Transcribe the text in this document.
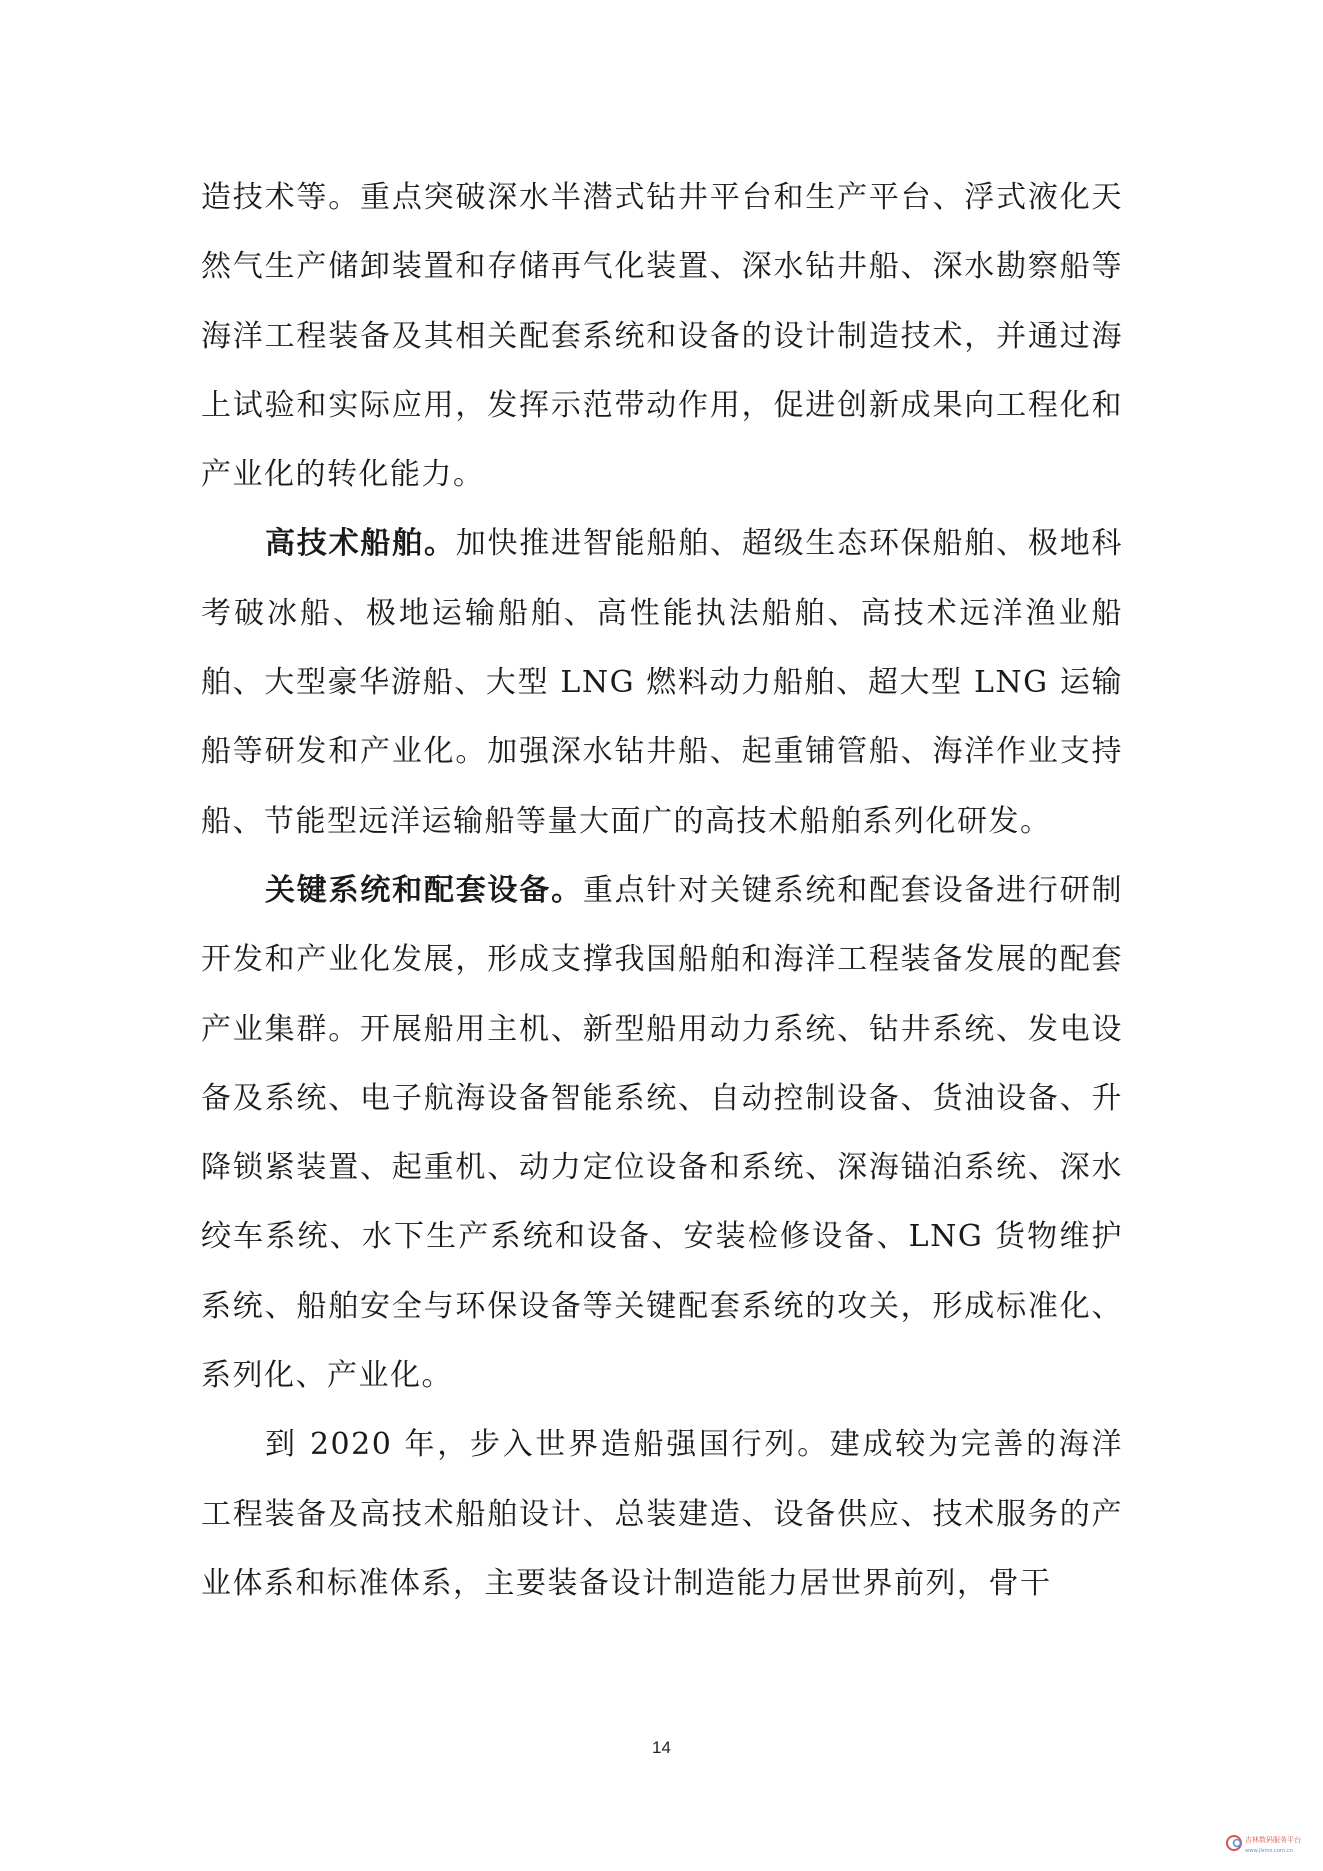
造技术等。重点突破深水半潜式钻井平台和生产平台、浮式液化天然气生产储卸装置和存储再气化装置、深水钻井船、深水勘察船等海洋工程装备及其相关配套系统和设备的设计制造技术，并通过海上试验和实际应用，发挥示范带动作用，促进创新成果向工程化和产业化的转化能力。

高技术船舶。加快推进智能船舶、超级生态环保船舶、极地科考破冰船、极地运输船舶、高性能执法船舶、高技术远洋渔业船舶、大型豪华游船、大型 LNG 燃料动力船舶、超大型 LNG 运输船等研发和产业化。加强深水钻井船、起重铺管船、海洋作业支持船、节能型远洋运输船等量大面广的高技术船舶系列化研发。

关键系统和配套设备。重点针对关键系统和配套设备进行研制开发和产业化发展，形成支撑我国船舶和海洋工程装备发展的配套产业集群。开展船用主机、新型船用动力系统、钻井系统、发电设备及系统、电子航海设备智能系统、自动控制设备、货油设备、升降锁紧装置、起重机、动力定位设备和系统、深海锚泊系统、深水绞车系统、水下生产系统和设备、安装检修设备、LNG 货物维护系统、船舶安全与环保设备等关键配套系统的攻关，形成标准化、系列化、产业化。

到 2020 年，步入世界造船强国行列。建成较为完善的海洋工程装备及高技术船舶设计、总装建造、设备供应、技术服务的产业体系和标准体系，主要装备设计制造能力居世界前列，骨干

14
吉林数码服务平台
www.jlsmz.com.cn
